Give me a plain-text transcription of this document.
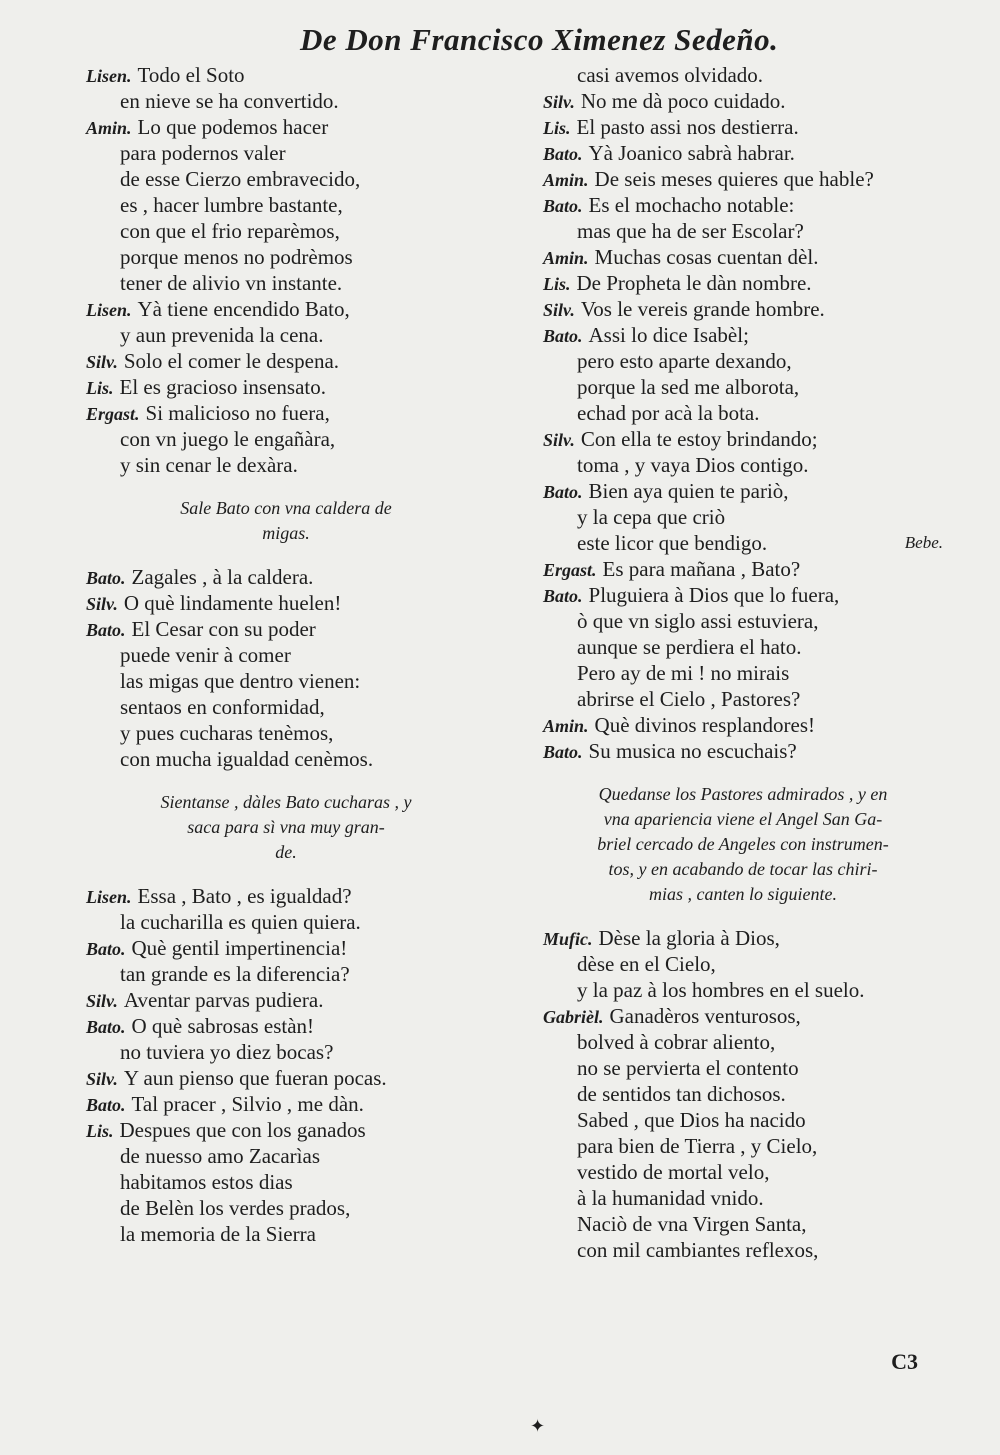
De Don Francisco Ximenez Sedeño.
Lisen. Todo el Soto
en nieve se ha convertido.
Amin. Lo que podemos hacer
para podernos valer
de esse Cierzo embravecido,
es , hacer lumbre bastante,
con que el frio reparèmos,
porque menos no podrèmos
tener de alivio vn instante.
Lisen. Yà tiene encendido Bato,
y aun prevenida la cena.
Silv. Solo el comer le despena.
Lis. El es gracioso insensato.
Ergast. Si malicioso no fuera,
con vn juego le engañàra,
y sin cenar le dexàra.
Sale Bato con vna caldera de
migas.
Bato. Zagales , à la caldera.
Silv. O què lindamente huelen!
Bato. El Cesar con su poder
puede venir à comer
las migas que dentro vienen:
sentaos en conformidad,
y pues cucharas tenèmos,
con mucha igualdad cenèmos.
Sientanse , dàles Bato cucharas , y
saca para sì vna muy gran-
de.
Lisen. Essa , Bato , es igualdad?
la cucharilla es quien quiera.
Bato. Què gentil impertinencia!
tan grande es la diferencia?
Silv. Aventar parvas pudiera.
Bato. O què sabrosas estàn!
no tuviera yo diez bocas?
Silv. Y aun pienso que fueran pocas.
Bato. Tal pracer , Silvio , me dàn.
Lis. Despues que con los ganados
de nuesso amo Zacarìas
habitamos estos dias
de Belèn los verdes prados,
la memoria de la Sierra
casi avemos olvidado.
Silv. No me dà poco cuidado.
Lis. El pasto assi nos destierra.
Bato. Yà Joanico sabrà habrar.
Amin. De seis meses quieres que hable?
Bato. Es el mochacho notable:
mas que ha de ser Escolar?
Amin. Muchas cosas cuentan dèl.
Lis. De Propheta le dàn nombre.
Silv. Vos le vereis grande hombre.
Bato. Assi lo dice Isabèl;
pero esto aparte dexando,
porque la sed me alborota,
echad por acà la bota.
Silv. Con ella te estoy brindando;
toma , y vaya Dios contigo.
Bato. Bien aya quien te pariò,
y la cepa que criò
este licor que bendigo.	Bebe.
Ergast. Es para mañana , Bato?
Bato. Pluguiera à Dios que lo fuera,
ò que vn siglo assi estuviera,
aunque se perdiera el hato.
Pero ay de mi ! no mirais
abrirse el Cielo , Pastores?
Amin. Què divinos resplandores!
Bato. Su musica no escuchais?
Quedanse los Pastores admirados , y en
vna apariencia viene el Angel San Ga-
briel cercado de Angeles con instrumen-
tos, y en acabando de tocar las chiri-
mias , canten lo siguiente.
Mufic. Dèse la gloria à Dios,
dèse en el Cielo,
y la paz à los hombres en el suelo.
Gabrièl. Ganadèros venturosos,
bolved à cobrar aliento,
no se pervierta el contento
de sentidos tan dichosos.
Sabed , que Dios ha nacido
para bien de Tierra , y Cielo,
vestido de mortal velo,
à la humanidad vnido.
Naciò de vna Virgen Santa,
con mil cambiantes reflexos,
C3
✦
